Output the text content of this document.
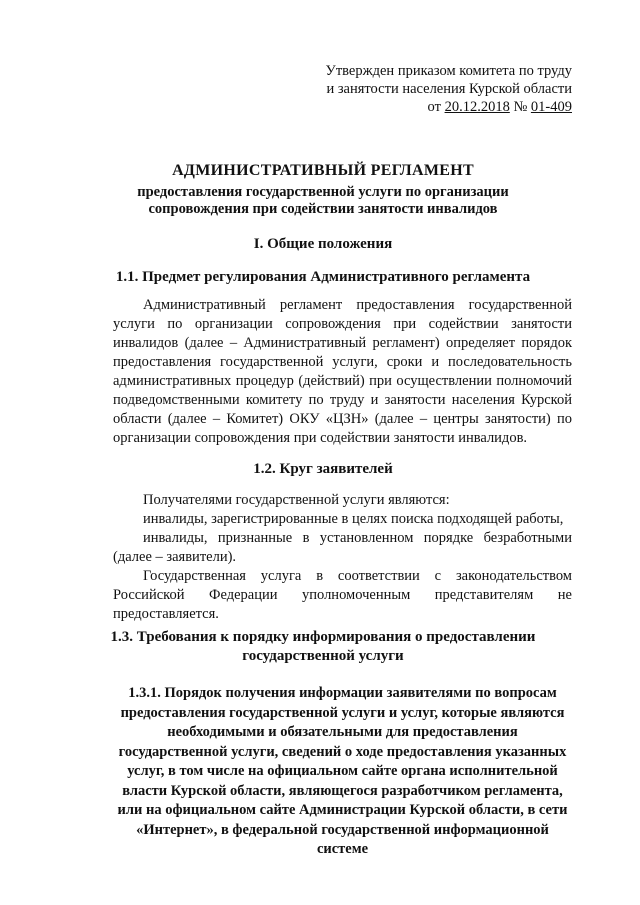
Утвержден приказом комитета по труду
и занятости населения Курской области
от 20.12.2018 № 01-409
АДМИНИСТРАТИВНЫЙ РЕГЛАМЕНТ
предоставления государственной услуги по организации
сопровождения при содействии занятости инвалидов
I. Общие положения
1.1. Предмет регулирования Административного регламента
Административный регламент предоставления государственной услуги по организации сопровождения при содействии занятости инвалидов (далее – Административный регламент) определяет порядок предоставления государственной услуги, сроки и последовательность административных процедур (действий) при осуществлении полномочий подведомственными комитету по труду и занятости населения Курской области (далее – Комитет) ОКУ «ЦЗН» (далее – центры занятости) по организации сопровождения при содействии занятости инвалидов.
1.2. Круг заявителей
Получателями государственной услуги являются:
инвалиды, зарегистрированные в целях поиска подходящей работы,
инвалиды, признанные в установленном порядке безработными (далее – заявители).
Государственная услуга в соответствии с законодательством Российской Федерации уполномоченным представителям не предоставляется.
1.3. Требования к порядку информирования о предоставлении
государственной услуги
1.3.1. Порядок получения информации заявителями по вопросам предоставления государственной услуги и услуг, которые являются необходимыми и обязательными для предоставления государственной услуги, сведений о ходе предоставления указанных услуг, в том числе на официальном сайте органа исполнительной власти Курской области, являющегося разработчиком регламента, или на официальном сайте Администрации Курской области, в сети «Интернет», в федеральной государственной информационной системе
